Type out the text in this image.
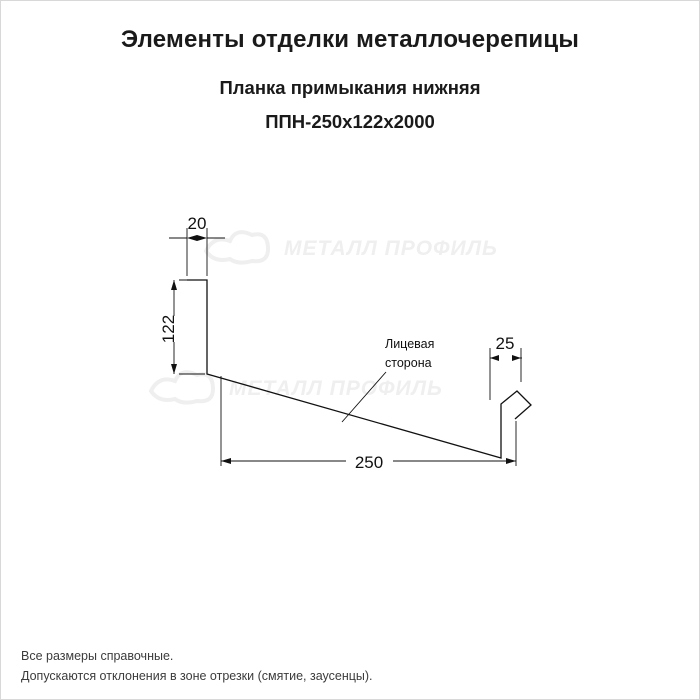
Элементы отделки металлочерепицы
Планка примыкания нижняя
ППН-250х122х2000
МЕТАЛЛ ПРОФИЛЬ
МЕТАЛЛ ПРОФИЛЬ
20
122
250
25
Лицевая
сторона
Все размеры справочные.
Допускаются отклонения в зоне отрезки (смятие, заусенцы).
